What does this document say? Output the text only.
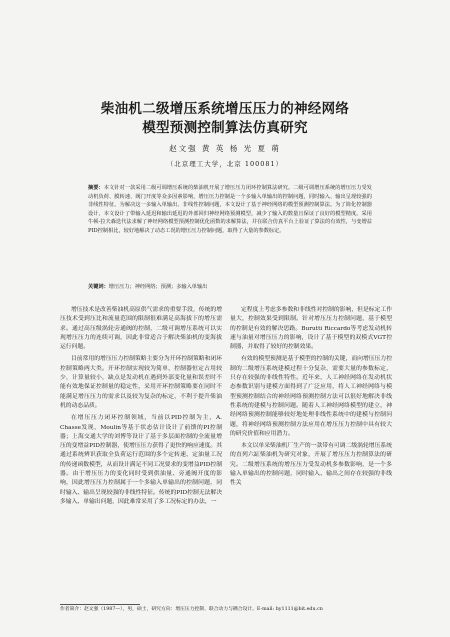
柴油机二级增压系统增压压力的神经网络
模型预测控制算法仿真研究
赵文强 黄 英 杨 光 夏 萌
（北京理工大学，北京 100081）
摘要：本文针对一款采用二级可调增压系统的柴油机开展了增压压力闭环控制算法研究。二级可调增压系统的增压压力受发动机负荷、膜转速、阀门开度等众多因素影响，增压压力控制是一个多输入单输出的控制问题，同时输入、输出呈现较强的非线性特征。为解决这一多输入单输出、非线性控制问题，本文设计了基于神经网络的模型预测控制算法。为了简化控制器设计，本文设计了带输入延迟和输出延迟的外部回归神经网络预测模型，减少了输入的数量且保证了良好的模型精度。采用牛顿-拉夫森迭代法求解了神经网络模型预测控制优化函数的求解算法，并在联合仿真平台上验证了算法的有效性，与变增益PID控制相比，较好地解决了动态工况的增压压力控制问题，取得了大量的参数标定。
关键词：增压压力；神经网络；预测；多输入单输出

增压技术是改善柴油机高原供气需求的重要手段，传统的增压技术受到压比和流量范围的限制很难满足高海拔下的增压需求。通过高压级涡轮旁通阀的控制，二级可调增压系统可以实现增压压力的连续可调，因此非常适合于解决柴油机的变海拔运行问题。

目前常用的增压压力控制策略主要分为开环控制策略和闭环控制策略两大类。开环控制实现较为简单，控制器恒定占用较少，计算量较小，缺点是发动机在遇到外部变化量和误差时不能有效地保证控制量的稳定性，采用开环控制策略要在同时不能满足增压压力的需求以及较为复杂的标定，不利于提升柴油机的动态品质。

在增压压力闭环控制领域，当前以PID控制为主，A. Chasse发现，Moulin等基于状态估计设计了前馈的PI控制器；上海交通大学的刘博等设计了基于多层面控制的全流量增压的变增益PID控制器，使增压压力获得了更快的响应速度。其通过系统辨识获取全负荷运行范围的多个定转速、定油量工况的传递函数模型，从而设计满足不同工况要求的变增益PID控制器。由于增压压力的变化同时受到供油量、旁通阀开度的影响，因此增压压力控制属于一个多输入单输出的控制问题，同时输入、输出呈现较强的非线性特征。传统的PID控制无法解决多输入、单输出问题，因此难常采用了多工况标定的办法，一

定程度上考虑多参数和非线性对控制的影响，但是标定工作量大，控制效果受到限制。针对增压压力控制问题，基于模型的控制是有效的解决思路。Burutti Riccardo等考虑发动机转速与油量对增压压力的影响，设计了基于模型的双模式VGT控制器，并取得了较好的控制效果。

有效的模型预测是基于模型的控制的关键，而向增压压力控制的二级增压系统建模过程十分复杂，需要大量的参数标定，只存在较强的非线性特性。近年来，人工神经网络在发动机状态参数识别与建模方面得到了广泛应用，将人工神经网络与模型预测控制结合的神经网络预测控制方法可以很好地解决非线性系统的建模与控制问题。随着人工神经网络模型的建立，神经网络预测控制能够较好地处理非线性系统中的建模与控制问题，将神经网络预测控制方法应用在增压压力控制中具有较大的研究价值和应用潜力。

本文以单采柴油机厂生产的一款带有可调二级涡轮增压系统的直列六缸柴油机为研究对象，开展了增压压力控制算法的研究。二级增压系统的增压压力受发动机多参数影响，是一个多输入单输出的控制问题，同时输入、输出之间存在较强的非线性关

作者简介：赵文强（1987—），男，硕士，研究方向：增压压力控制、联合动力与耦合设计。E-mail: hy1111@bit.edu.cn
